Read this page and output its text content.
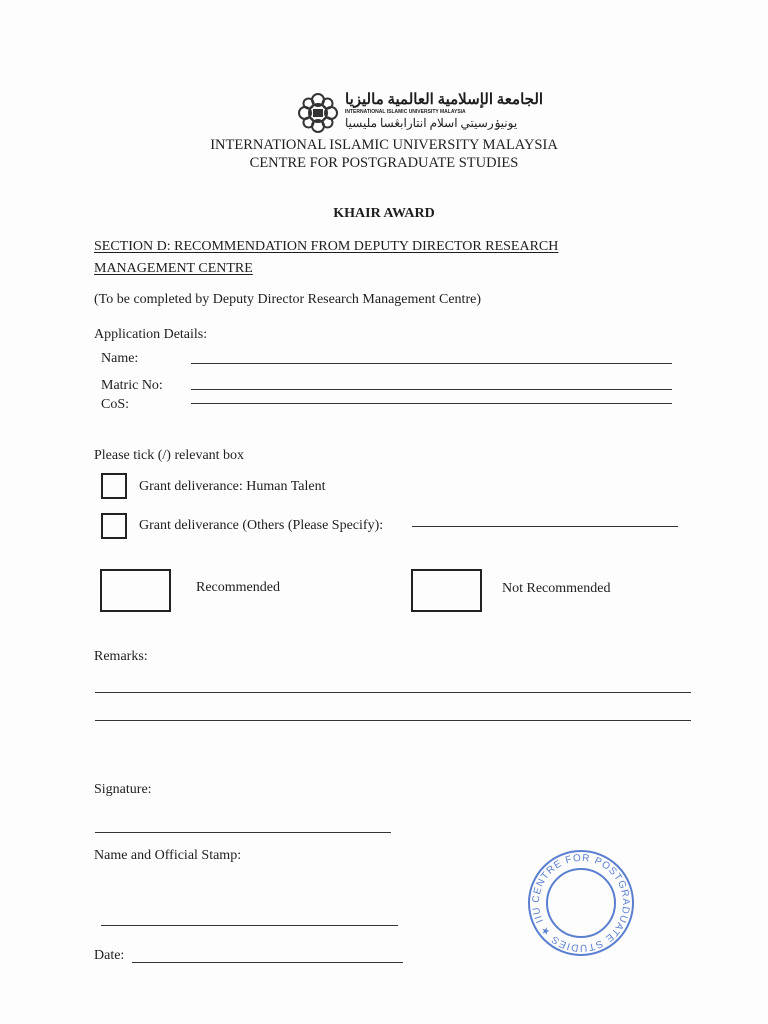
الجامعة الإسلامية العالمية ماليزيا
INTERNATIONAL ISLAMIC UNIVERSITY MALAYSIA
يونيۏرسيتي اسلام انتارابڠسا مليسيا
INTERNATIONAL ISLAMIC UNIVERSITY MALAYSIA
CENTRE FOR POSTGRADUATE STUDIES
KHAIR AWARD
SECTION D: RECOMMENDATION FROM DEPUTY DIRECTOR RESEARCH
MANAGEMENT CENTRE
(To be completed by Deputy Director Research Management Centre)
Application Details:
Name:
Matric No:
CoS:
Please tick (/) relevant box
Grant deliverance: Human Talent
Grant deliverance (Others (Please Specify):
Recommended	Not Recommended
Remarks:
Signature:
Name and Official Stamp:
Date:
CENTRE FOR POSTGRADUATE STUDIES ★ IIU
